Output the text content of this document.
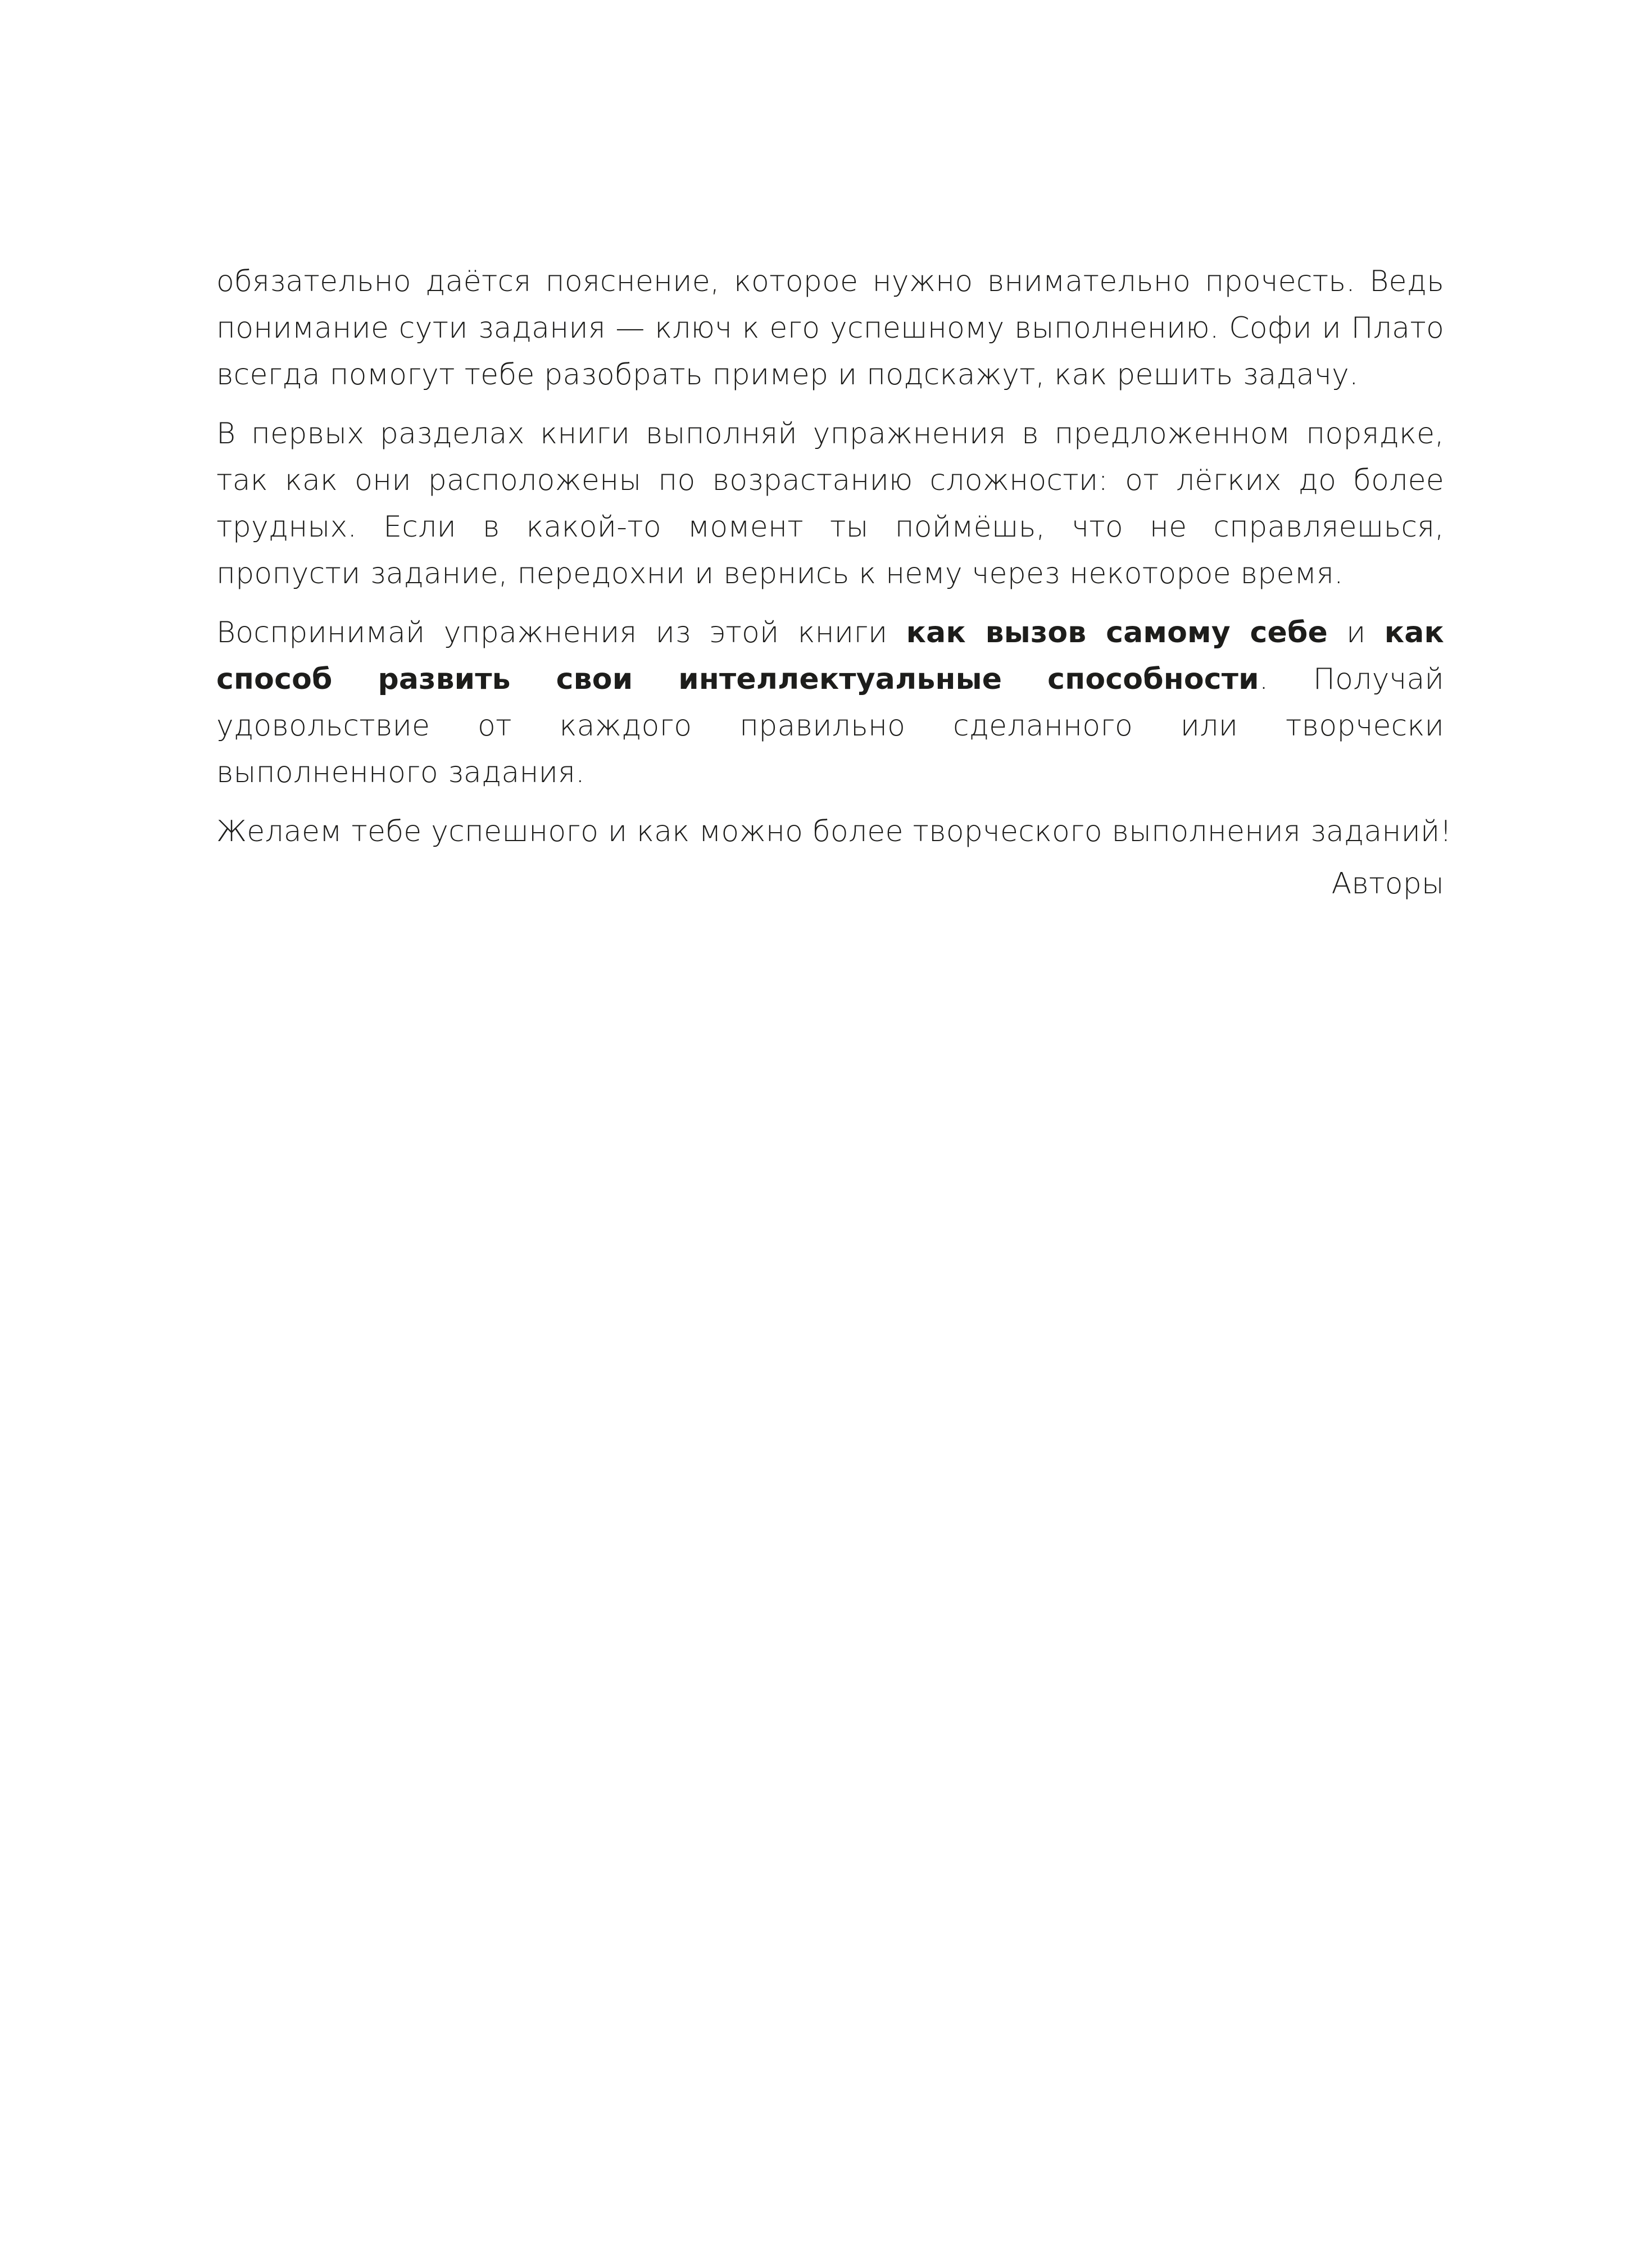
обязательно даётся пояснение, которое нужно внимательно прочесть. Ведь понимание сути задания — ключ к его успешному выполнению. Софи и Плато всегда помогут тебе разобрать пример и подскажут, как решить задачу.

В первых разделах книги выполняй упражнения в предложенном порядке, так как они расположены по возрастанию сложности: от лёгких до более трудных. Если в какой-то момент ты поймёшь, что не справляешься, пропусти задание, передохни и вернись к нему через некоторое время.

Воспринимай упражнения из этой книги как вызов самому себе и как способ развить свои интеллектуальные способности. Получай удовольствие от каждого правильно сделанного или творчески выполненного задания.

Желаем тебе успешного и как можно более творческого выполнения заданий!

Авторы
